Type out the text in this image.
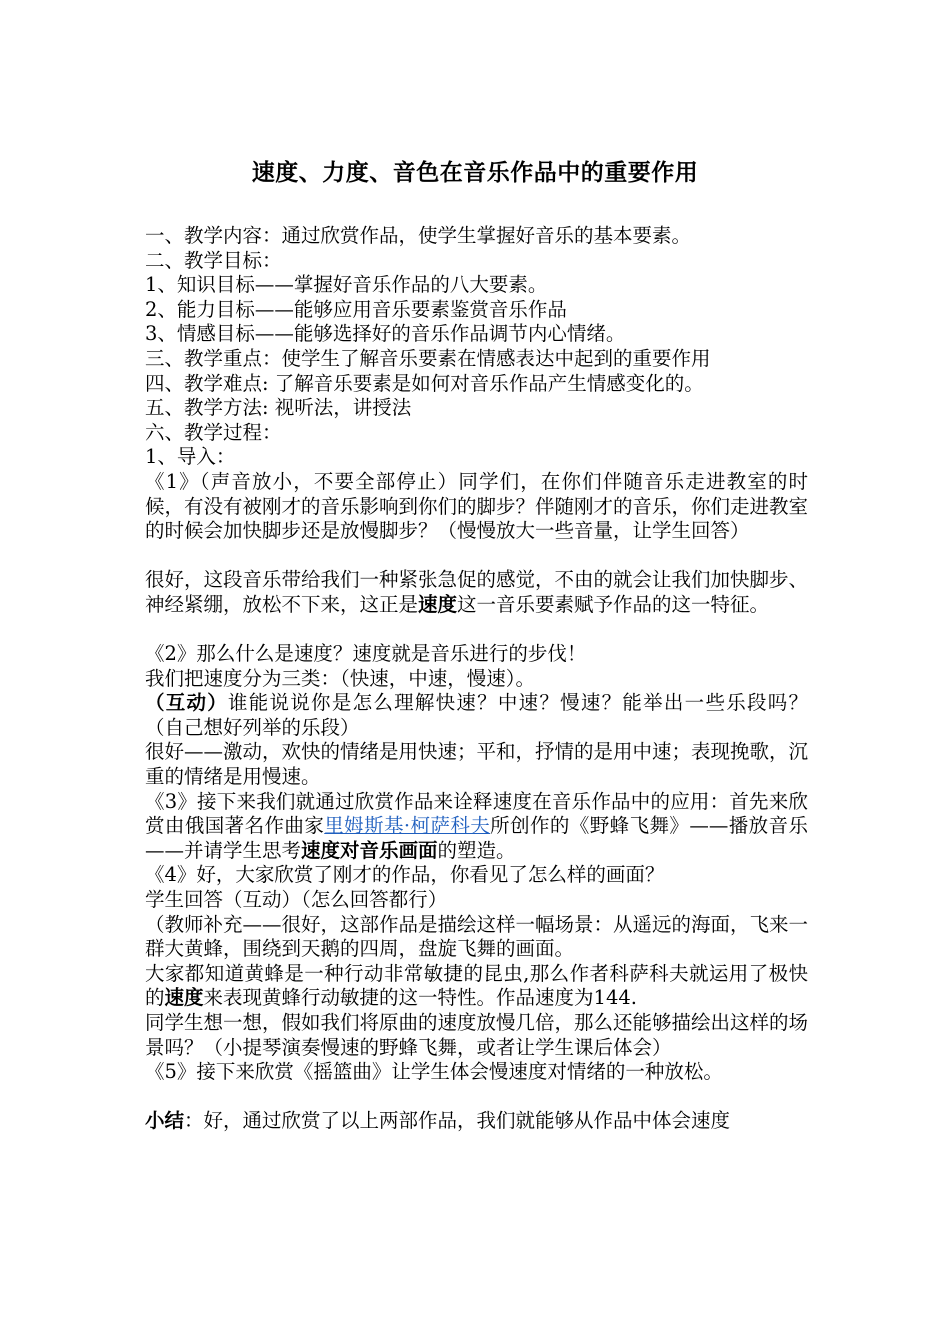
速度、力度、音色在音乐作品中的重要作用

一、教学内容：通过欣赏作品，使学生掌握好音乐的基本要素。

二、教学目标：

1、知识目标——掌握好音乐作品的八大要素。

2、能力目标——能够应用音乐要素鉴赏音乐作品

3、情感目标——能够选择好的音乐作品调节内心情绪。

三、教学重点：使学生了解音乐要素在情感表达中起到的重要作用

四、教学难点: 了解音乐要素是如何对音乐作品产生情感变化的。

五、教学方法: 视听法，讲授法

六、教学过程：

1、导入：

《1》（声音放小，不要全部停止）同学们，在你们伴随音乐走进教室的时候，有没有被刚才的音乐影响到你们的脚步？伴随刚才的音乐，你们走进教室的时候会加快脚步还是放慢脚步？（慢慢放大一些音量，让学生回答）

很好，这段音乐带给我们一种紧张急促的感觉，不由的就会让我们加快脚步、神经紧绷，放松不下来，这正是速度这一音乐要素赋予作品的这一特征。

《2》那么什么是速度？速度就是音乐进行的步伐！

我们把速度分为三类：（快速，中速，慢速）。

（互动）谁能说说你是怎么理解快速？中速？慢速？能举出一些乐段吗？（自己想好列举的乐段）

很好——激动，欢快的情绪是用快速；平和，抒情的是用中速；表现挽歌，沉重的情绪是用慢速。

《3》接下来我们就通过欣赏作品来诠释速度在音乐作品中的应用：首先来欣赏由俄国著名作曲家里姆斯基·柯萨科夫所创作的《野蜂飞舞》——播放音乐——并请学生思考速度对音乐画面的塑造。

《4》好，大家欣赏了刚才的作品，你看见了怎么样的画面？

学生回答（互动）（怎么回答都行）

（教师补充——很好，这部作品是描绘这样一幅场景：从遥远的海面，飞来一群大黄蜂，围绕到天鹅的四周，盘旋飞舞的画面。

大家都知道黄蜂是一种行动非常敏捷的昆虫,那么作者科萨科夫就运用了极快的速度来表现黄蜂行动敏捷的这一特性。作品速度为144.

同学生想一想，假如我们将原曲的速度放慢几倍，那么还能够描绘出这样的场景吗？（小提琴演奏慢速的野蜂飞舞，或者让学生课后体会）

《5》接下来欣赏《摇篮曲》让学生体会慢速度对情绪的一种放松。

小结：好，通过欣赏了以上两部作品，我们就能够从作品中体会速度
